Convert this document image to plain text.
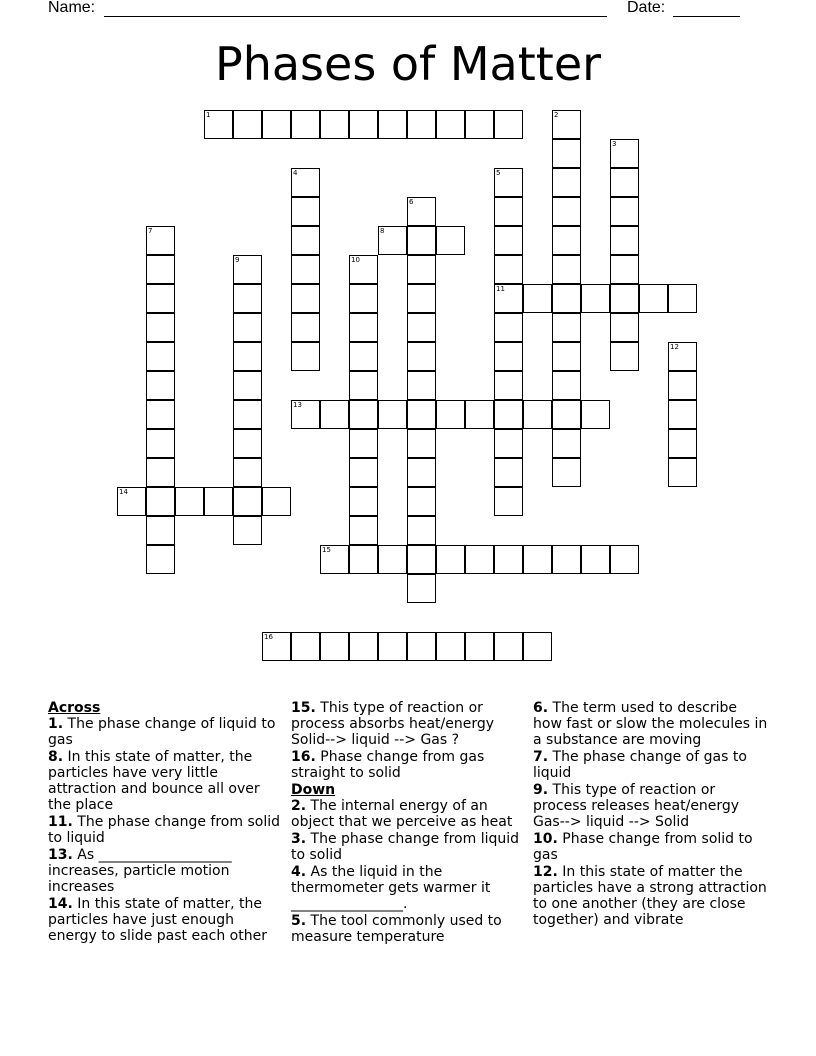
Name:	Date:
Phases of Matter
1	2
3
4	5
11
6
7	8
9	10
12
13
14
15
16
Across
1. The phase change of liquid to gas
8. In this state of matter, the particles have very little attraction and bounce all over the place
11. The phase change from solid to liquid
13. As ___________________ increases, particle motion increases
14. In this state of matter, the particles have just enough energy to slide past each other
15. This type of reaction or process absorbs heat/energy Solid--> liquid --> Gas ?
16. Phase change from gas straight to solid
Down
2. The internal energy of an object that we perceive as heat
3. The phase change from liquid to solid
4. As the liquid in the thermometer gets warmer it ________________.
5. The tool commonly used to measure temperature
6. The term used to describe how fast or slow the molecules in a substance are moving
7. The phase change of gas to liquid
9. This type of reaction or process releases heat/energy Gas--> liquid --> Solid
10. Phase change from solid to gas
12. In this state of matter the particles have a strong attraction to one another (they are close together) and vibrate
